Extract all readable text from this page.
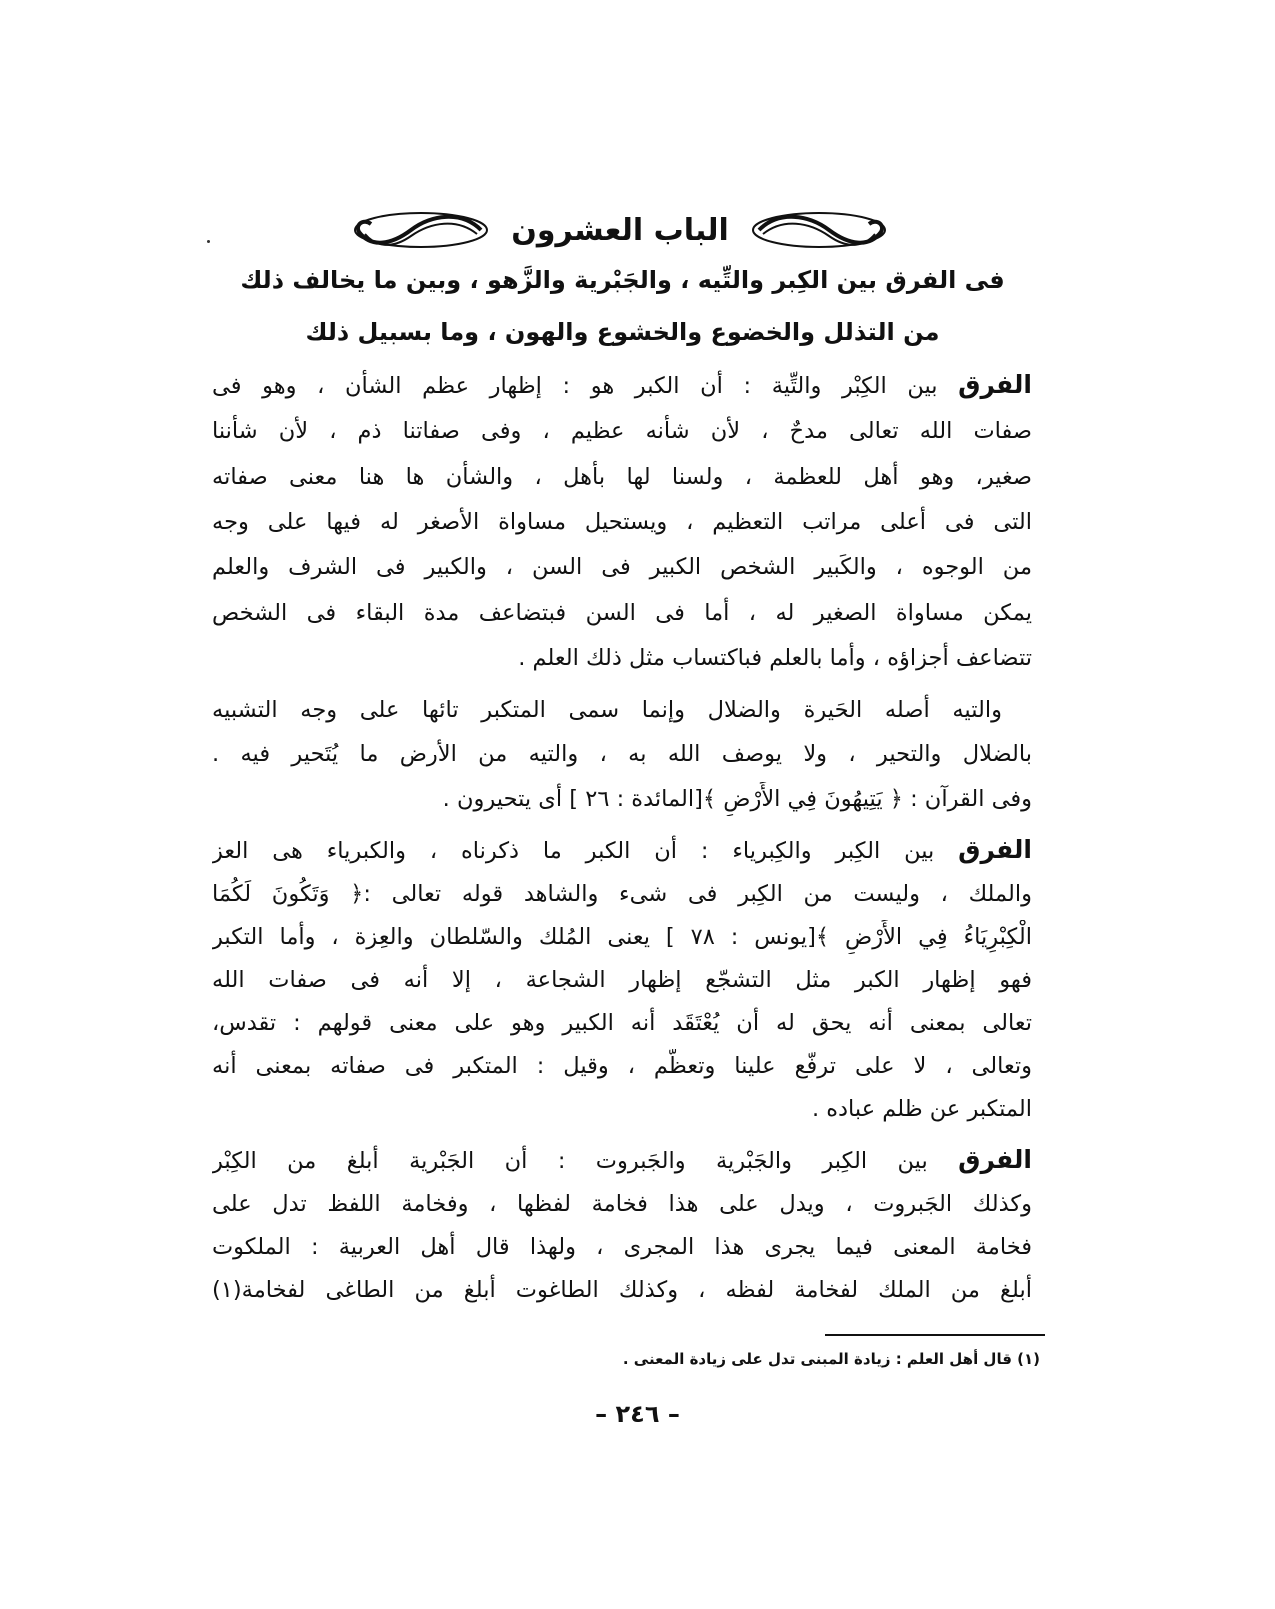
الباب العشرون
فى الفرق بين الكِبر والتِّيه ، والجَبْرية والزَّهو ، وبين ما يخالف ذلك
من التذلل والخضوع والخشوع والهون ، وما بسبيل ذلك
الفرق بين الكِبْر والتِّية : أن الكبر هو : إظهار عظم الشأن ، وهو فى
صفات الله تعالى مدحٌ ، لأن شأنه عظيم ، وفى صفاتنا ذم ، لأن شأننا
صغير، وهو أهل للعظمة ، ولسنا لها بأهل ، والشأن ها هنا معنى صفاته
التى فى أعلى مراتب التعظيم ، ويستحيل مساواة الأصغر له فيها على وجه
من الوجوه ، والكَبير الشخص الكبير فى السن ، والكبير فى الشرف والعلم
يمكن مساواة الصغير له ، أما فى السن فبتضاعف مدة البقاء فى الشخص
تتضاعف أجزاؤه ، وأما بالعلم فباكتساب مثل ذلك العلم .
والتيه أصله الحَيرة والضلال وإنما سمى المتكبر تائها على وجه التشبيه
بالضلال والتحير ، ولا يوصف الله به ، والتيه من الأرض ما يُتَحير فيه .
وفى القرآن : ﴿ يَتِيهُونَ فِي الأَرْضِ ﴾[المائدة : ٢٦ ] أى يتحيرون .
الفرق بين الكِبر والكِبرياء : أن الكبر ما ذكرناه ، والكبرياء هى العز
والملك ، وليست من الكِبر فى شىء والشاهد قوله تعالى :﴿ وَتَكُونَ لَكُمَا
الْكِبْرِيَاءُ فِي الأَرْضِ ﴾[يونس : ٧٨ ] يعنى المُلك والسّلطان والعِزة ، وأما التكبر
فهو إظهار الكبر مثل التشجّع إظهار الشجاعة ، إلا أنه فى صفات الله
تعالى بمعنى أنه يحق له أن يُعْتَقَد أنه الكبير وهو على معنى قولهم : تقدس،
وتعالى ، لا على ترفّع علينا وتعظّم ، وقيل : المتكبر فى صفاته بمعنى أنه
المتكبر عن ظلم عباده .
الفرق بين الكِبر والجَبْرية والجَبروت : أن الجَبْرية أبلغ من الكِبْر
وكذلك الجَبروت ، ويدل على هذا فخامة لفظها ، وفخامة اللفظ تدل على
فخامة المعنى فيما يجرى هذا المجرى ، ولهذا قال أهل العربية : الملكوت
أبلغ من الملك لفخامة لفظه ، وكذلك الطاغوت أبلغ من الطاغى لفخامة(١)
(١) قال أهل العلم : زيادة المبنى تدل على زيادة المعنى .
– ٢٤٦ –
